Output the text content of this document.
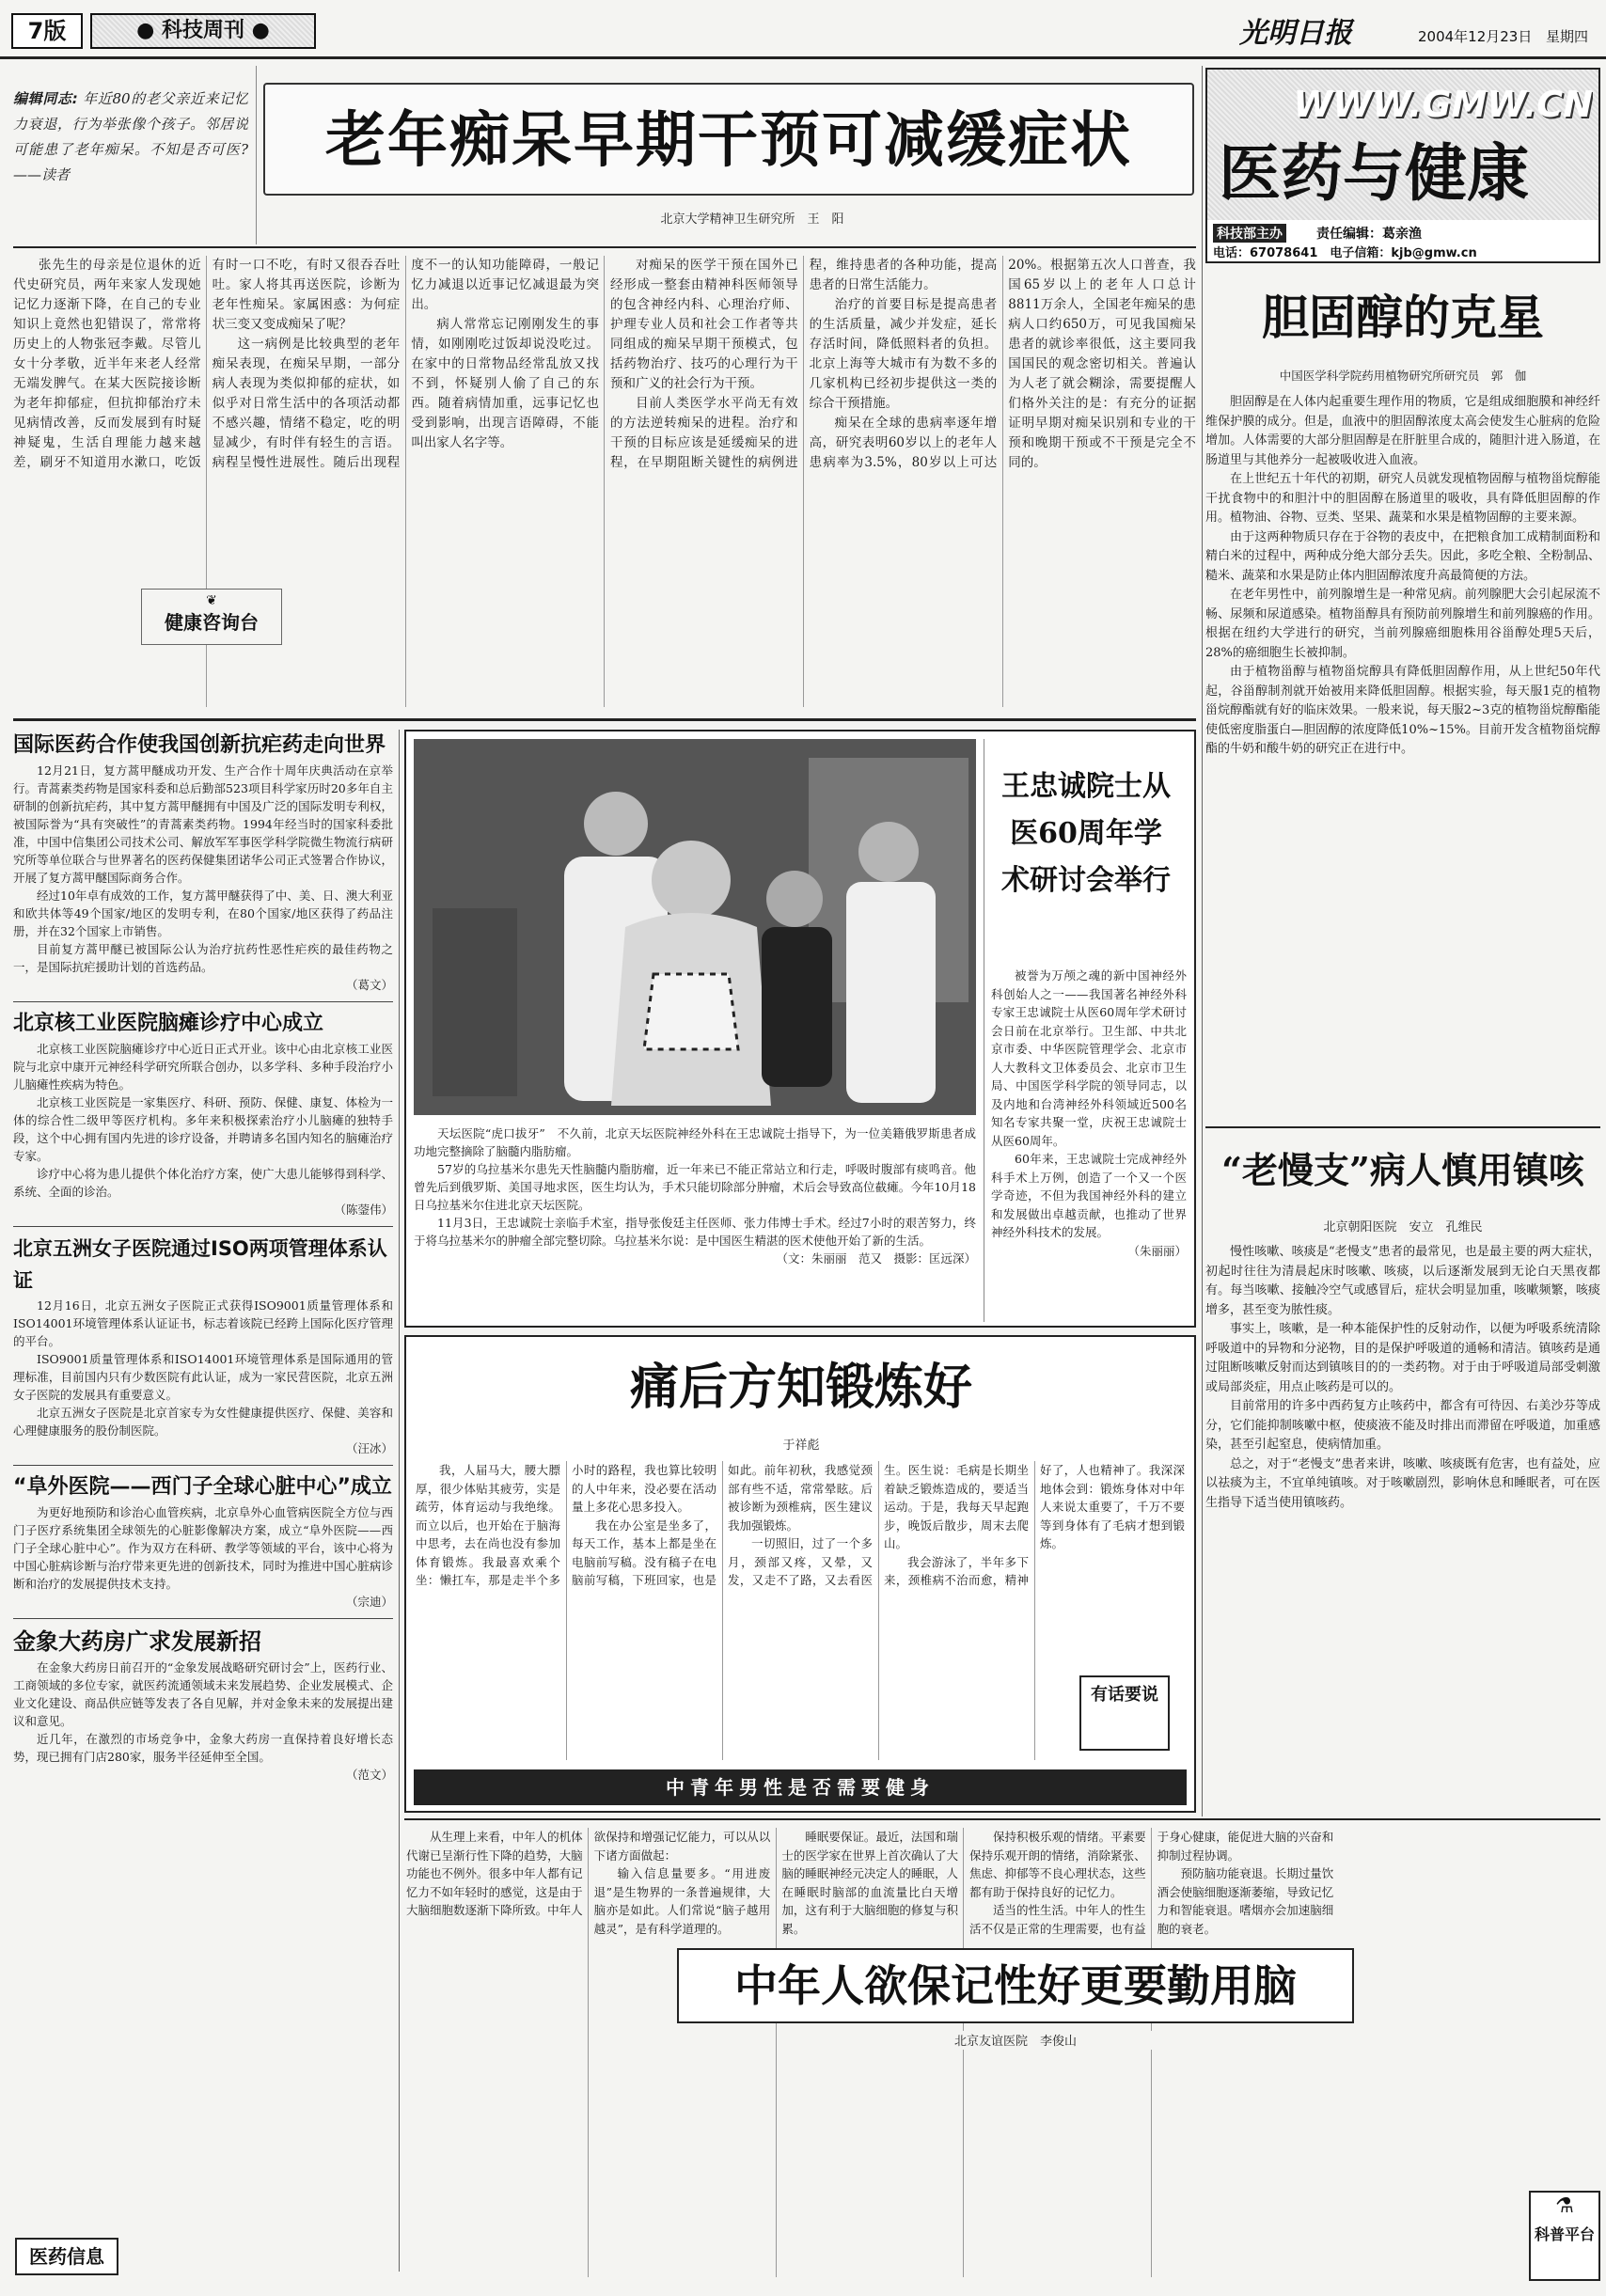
7版	● 科技周刊 ●	光明日报	2004年12月23日 星期四
编辑同志: 年近80的老父亲近来记忆力衰退，行为举张像个孩子。邻居说可能患了老年痴呆。不知是否可医? ——读者	老年痴呆早期干预可减缓症状
北京大学精神卫生研究所　王　阳

张先生的母亲是位退休的近代史研究员，两年来家人发现她记忆力逐渐下降，在自己的专业知识上竟然也犯错误了，常常将历史上的人物张冠李戴。尽管儿女十分孝敬，近半年来老人经常无端发脾气。在某大医院接诊断为老年抑郁症，但抗抑郁治疗未见病情改善，反而发展到有时疑神疑鬼，生活自理能力越来越差，刷牙不知道用水漱口，吃饭有时一口不吃，有时又很吞吞吐吐。家人将其再送医院，诊断为老年性痴呆。家属困惑：为何症状三变又变成痴呆了呢？

这一病例是比较典型的老年痴呆表现，在痴呆早期，一部分病人表现为类似抑郁的症状，如似乎对日常生活中的各项活动都不感兴趣，情绪不稳定，吃的明显减少，有时伴有轻生的言语。病程呈慢性进展性。随后出现程度不一的认知功能障碍，一般记忆力减退以近事记忆减退最为突出。

病人常常忘记刚刚发生的事情，如刚刚吃过饭却说没吃过。在家中的日常物品经常乱放又找不到，怀疑别人偷了自己的东西。随着病情加重，远事记忆也受到影响，出现言语障碍，不能叫出家人名字等。

对痴呆的医学干预在国外已经形成一整套由精神科医师领导的包含神经内科、心理治疗师、护理专业人员和社会工作者等共同组成的痴呆早期干预模式，包括药物治疗、技巧的心理行为干预和广义的社会行为干预。

目前人类医学水平尚无有效的方法逆转痴呆的进程。治疗和干预的目标应该是延缓痴呆的进程，在早期阻断关键性的病例进程，维持患者的各种功能，提高患者的日常生活能力。

治疗的首要目标是提高患者的生活质量，减少并发症，延长存活时间，降低照料者的负担。北京上海等大城市有为数不多的几家机构已经初步提供这一类的综合干预措施。

痴呆在全球的患病率逐年增高，研究表明60岁以上的老年人患病率为3.5%，80岁以上可达20%。根据第五次人口普查，我国65岁以上的老年人口总计8811万余人，全国老年痴呆的患病人口约650万，可见我国痴呆患者的就诊率很低，这主要同我国国民的观念密切相关。普遍认为人老了就会糊涂，需要提醒人们格外关注的是：有充分的证据证明早期对痴呆识别和专业的干预和晚期干预或不干预是完全不同的。

❦
健康咨询台
WWW.GMW.CN
医药与健康
科技部主办	责任编辑：葛亲渔
电话：67078641　电子信箱：kjb@gmw.cn
胆固醇的克星
中国医学科学院药用植物研究所研究员　郭　伽

胆固醇是在人体内起重要生理作用的物质，它是组成细胞膜和神经纤维保护膜的成分。但是，血液中的胆固醇浓度太高会使发生心脏病的危险增加。人体需要的大部分胆固醇是在肝脏里合成的，随胆汁进入肠道，在肠道里与其他养分一起被吸收进入血液。

在上世纪五十年代的初期，研究人员就发现植物固醇与植物甾烷醇能干扰食物中的和胆汁中的胆固醇在肠道里的吸收，具有降低胆固醇的作用。植物油、谷物、豆类、坚果、蔬菜和水果是植物固醇的主要来源。

由于这两种物质只存在于谷物的表皮中，在把粮食加工成精制面粉和精白米的过程中，两种成分绝大部分丢失。因此，多吃全粮、全粉制品、糙米、蔬菜和水果是防止体内胆固醇浓度升高最简便的方法。

在老年男性中，前列腺增生是一种常见病。前列腺肥大会引起尿流不畅、尿频和尿道感染。植物甾醇具有预防前列腺增生和前列腺癌的作用。根据在纽约大学进行的研究，当前列腺癌细胞株用谷甾醇处理5天后，28%的癌细胞生长被抑制。

由于植物甾醇与植物甾烷醇具有降低胆固醇作用，从上世纪50年代起，谷甾醇制剂就开始被用来降低胆固醇。根据实验，每天服1克的植物甾烷醇酯就有好的临床效果。一般来说，每天服2~3克的植物甾烷醇酯能使低密度脂蛋白—胆固醇的浓度降低10%~15%。目前开发含植物甾烷醇酯的牛奶和酸牛奶的研究正在进行中。

国际医药合作使我国创新抗疟药走向世界

12月21日，复方蒿甲醚成功开发、生产合作十周年庆典活动在京举行。青蒿素类药物是国家科委和总后勤部523项目科学家历时20多年自主研制的创新抗疟药，其中复方蒿甲醚拥有中国及广泛的国际发明专利权，被国际誉为“具有突破性”的青蒿素类药物。1994年经当时的国家科委批准，中国中信集团公司技术公司、解放军军事医学科学院微生物流行病研究所等单位联合与世界著名的医药保健集团诺华公司正式签署合作协议，开展了复方蒿甲醚国际商务合作。

经过10年卓有成效的工作，复方蒿甲醚获得了中、美、日、澳大利亚和欧共体等49个国家/地区的发明专利，在80个国家/地区获得了药品注册，并在32个国家上市销售。

目前复方蒿甲醚已被国际公认为治疗抗药性恶性疟疾的最佳药物之一，是国际抗疟援助计划的首选药品。

（葛文）
北京核工业医院脑瘫诊疗中心成立

北京核工业医院脑瘫诊疗中心近日正式开业。该中心由北京核工业医院与北京中康开元神经科学研究所联合创办，以多学科、多种手段治疗小儿脑瘫性疾病为特色。

北京核工业医院是一家集医疗、科研、预防、保健、康复、体检为一体的综合性二级甲等医疗机构。多年来积极探索治疗小儿脑瘫的独特手段，这个中心拥有国内先进的诊疗设备，并聘请多名国内知名的脑瘫治疗专家。

诊疗中心将为患儿提供个体化治疗方案，使广大患儿能够得到科学、系统、全面的诊治。

（陈蓥伟）
北京五洲女子医院通过ISO两项管理体系认证

12月16日，北京五洲女子医院正式获得ISO9001质量管理体系和ISO14001环境管理体系认证证书，标志着该院已经跨上国际化医疗管理的平台。

ISO9001质量管理体系和ISO14001环境管理体系是国际通用的管理标准，目前国内只有少数医院有此认证，成为一家民营医院，北京五洲女子医院的发展具有重要意义。

北京五洲女子医院是北京首家专为女性健康提供医疗、保健、美容和心理健康服务的股份制医院。

（汪冰）
“阜外医院——西门子全球心脏中心”成立

为更好地预防和诊治心血管疾病，北京阜外心血管病医院全方位与西门子医疗系统集团全球领先的心脏影像解决方案，成立“阜外医院——西门子全球心脏中心”。作为双方在科研、教学等领域的平台，该中心将为中国心脏病诊断与治疗带来更先进的创新技术，同时为推进中国心脏病诊断和治疗的发展提供技术支持。

（宗迪）
金象大药房广求发展新招

在金象大药房日前召开的“金象发展战略研究研讨会”上，医药行业、工商领域的多位专家，就医药流通领域未来发展趋势、企业发展模式、企业文化建设、商品供应链等发表了各自见解，并对金象未来的发展提出建议和意见。

近几年，在激烈的市场竞争中，金象大药房一直保持着良好增长态势，现已拥有门店280家，服务半径延伸至全国。

（范文）
医药信息
王忠诚院士从医60周年学术研讨会举行

被誉为万颅之魂的新中国神经外科创始人之一——我国著名神经外科专家王忠诚院士从医60周年学术研讨会日前在北京举行。卫生部、中共北京市委、中华医院管理学会、北京市人大教科文卫体委员会、北京市卫生局、中国医学科学院的领导同志，以及内地和台湾神经外科领域近500名知名专家共聚一堂，庆祝王忠诚院士从医60周年。

60年来，王忠诚院士完成神经外科手术上万例，创造了一个又一个医学奇迹，不但为我国神经外科的建立和发展做出卓越贡献，也推动了世界神经外科技术的发展。

（朱丽丽）

天坛医院“虎口拔牙”　不久前，北京天坛医院神经外科在王忠诚院士指导下，为一位美籍俄罗斯患者成功地完整摘除了脑髓内脂肪瘤。

57岁的乌拉基米尔患先天性脑髓内脂肪瘤，近一年来已不能正常站立和行走，呼吸时腹部有痰鸣音。他曾先后到俄罗斯、美国寻地求医，医生均认为，手术只能切除部分肿瘤，术后会导致高位截瘫。今年10月18日乌拉基米尔住进北京天坛医院。

11月3日，王忠诚院士亲临手术室，指导张俊廷主任医师、张力伟博士手术。经过7小时的艰苦努力，终于将乌拉基米尔的肿瘤全部完整切除。乌拉基米尔说：是中国医生精湛的医术使他开始了新的生活。

（文：朱丽丽　范又　摄影：匡远深）
痛后方知锻炼好
于祥彪

我，人届马大，腰大膘厚，很少体贴其疲劳，实是疏劳，体育运动与我绝缘。而立以后，也开始在于脑海中思考，去在尚也没有参加体育锻炼。我最喜欢乘个坐：懒扛车，那是走半个多小时的路程，我也算比较明的人中年来，没必要在活动量上多花心思多投入。

我在办公室是坐多了，每天工作，基本上都是坐在电脑前写稿。没有稿子在电脑前写稿，下班回家，也是如此。前年初秋，我感觉颈部有些不适，常常晕眩。后被诊断为颈椎病，医生建议我加强锻炼。

一切照旧，过了一个多月，颈部又疼，又晕，又发，又走不了路，又去看医生。医生说：毛病是长期坐着缺乏锻炼造成的，要适当运动。于是，我每天早起跑步，晚饭后散步，周末去爬山。

我会游泳了，半年多下来，颈椎病不治而愈，精神好了，人也精神了。我深深地体会到：锻炼身体对中年人来说太重要了，千万不要等到身体有了毛病才想到锻炼。

有话要说
中青年男性是否需要健身
“老慢支”病人慎用镇咳
北京朝阳医院　安立　孔维民

慢性咳嗽、咳痰是“老慢支”患者的最常见，也是最主要的两大症状，初起时往往为清晨起床时咳嗽、咳痰，以后逐渐发展到无论白天黑夜都有。每当咳嗽、接触冷空气或感冒后，症状会明显加重，咳嗽频繁，咳痰增多，甚至变为脓性痰。

事实上，咳嗽，是一种本能保护性的反射动作，以便为呼吸系统清除呼吸道中的异物和分泌物，目的是保护呼吸道的通畅和清洁。镇咳药是通过阻断咳嗽反射而达到镇咳目的的一类药物。对于由于呼吸道局部受刺激或局部炎症，用点止咳药是可以的。

目前常用的许多中西药复方止咳药中，都含有可待因、右美沙芬等成分，它们能抑制咳嗽中枢，使痰液不能及时排出而滞留在呼吸道，加重感染，甚至引起窒息，使病情加重。

总之，对于“老慢支”患者来讲，咳嗽、咳痰既有危害，也有益处，应以祛痰为主，不宜单纯镇咳。对于咳嗽剧烈，影响休息和睡眠者，可在医生指导下适当使用镇咳药。

中年人欲保记性好更要勤用脑
北京友谊医院　李俊山

从生理上来看，中年人的机体代谢已呈渐行性下降的趋势，大脑功能也不例外。很多中年人都有记忆力不如年轻时的感觉，这是由于大脑细胞数逐渐下降所致。中年人欲保持和增强记忆能力，可以从以下诸方面做起：

输入信息量要多。“用进废退”是生物界的一条普遍规律，大脑亦是如此。人们常说“脑子越用越灵”，是有科学道理的。

睡眠要保证。最近，法国和瑞士的医学家在世界上首次确认了大脑的睡眠神经元决定人的睡眠，人在睡眠时脑部的血流量比白天增加，这有利于大脑细胞的修复与积累。

保持积极乐观的情绪。平素要保持乐观开朗的情绪，消除紧张、焦虑、抑郁等不良心理状态，这些都有助于保持良好的记忆力。

适当的性生活。中年人的性生活不仅是正常的生理需要，也有益于身心健康，能促进大脑的兴奋和抑制过程协调。

预防脑功能衰退。长期过量饮酒会使脑细胞逐渐萎缩，导致记忆力和智能衰退。嗜烟亦会加速脑细胞的衰老。

⚗
科普平台
